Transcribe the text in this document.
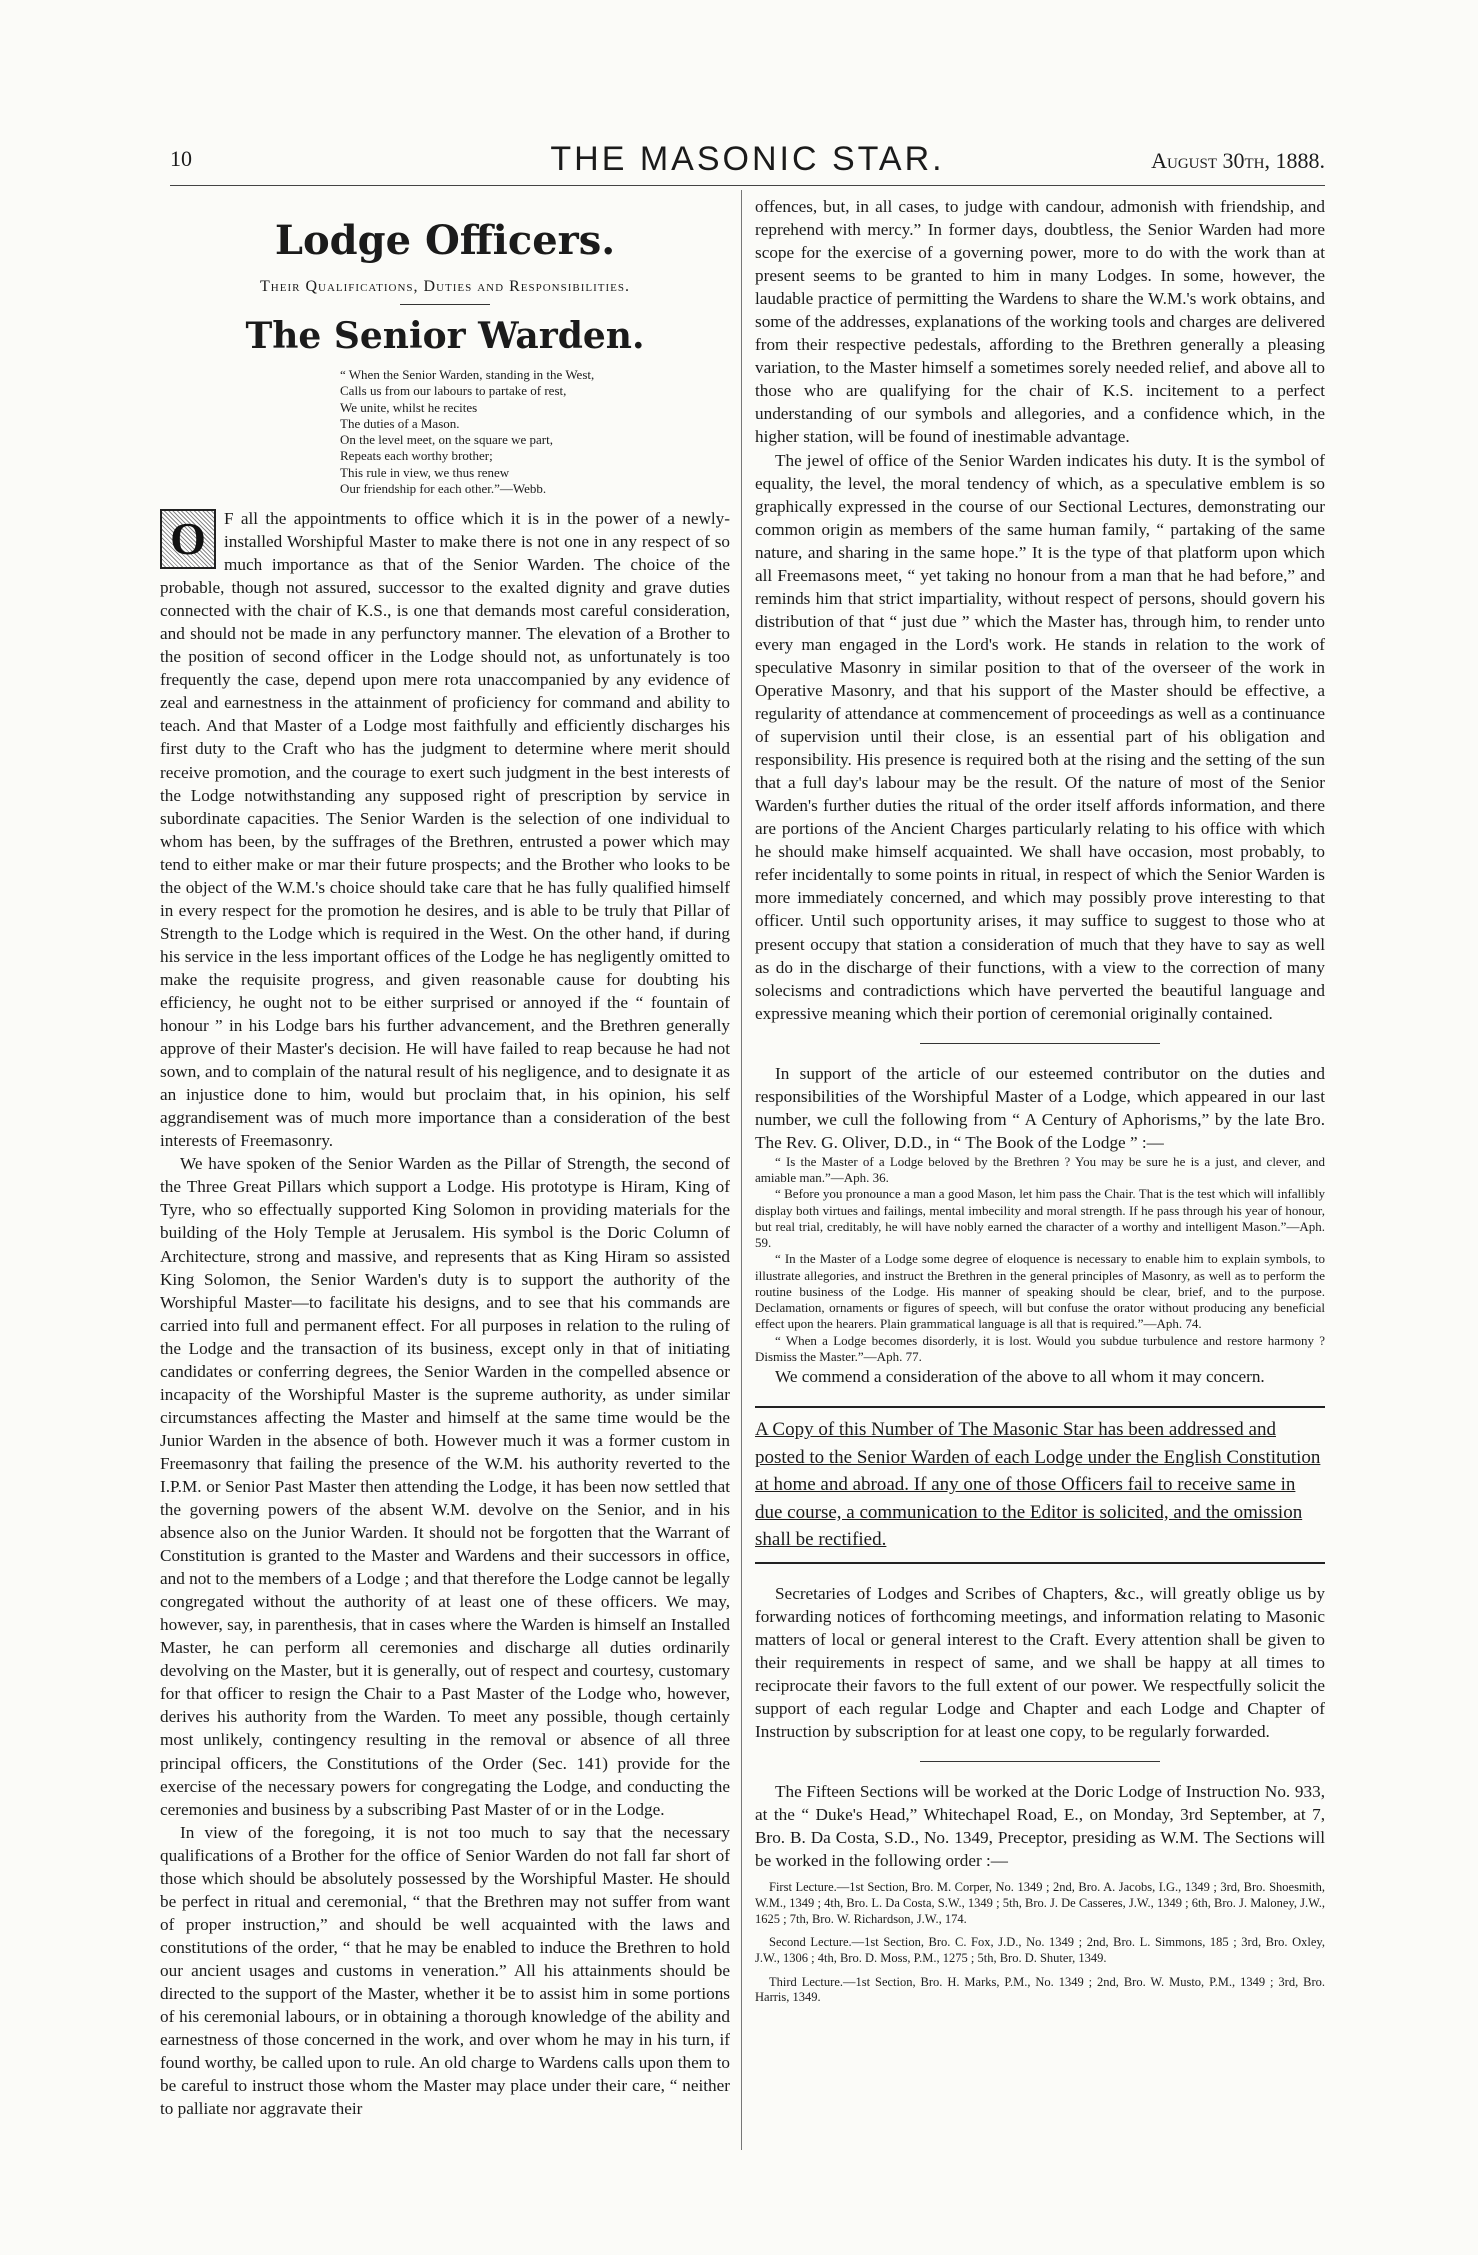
10	THE MASONIC STAR.	August 30th, 1888.
Lodge Officers.
Their Qualifications, Duties and Responsibilities.
The Senior Warden.
“ When the Senior Warden, standing in the West,
Calls us from our labours to partake of rest,
We unite, whilst he recites
The duties of a Mason.
On the level meet, on the square we part,
Repeats each worthy brother;
This rule in view, we thus renew
Our friendship for each other.”—Webb.

O	F all the appointments to office which it is in the power of a newly-installed Worshipful Master to make there is not one in any respect of so much importance as that of the Senior Warden. The choice of the probable, though not assured, successor to the exalted dignity and grave duties connected with the chair of K.S., is one that demands most careful consideration, and should not be made in any perfunctory manner. The elevation of a Brother to the position of second officer in the Lodge should not, as unfortunately is too frequently the case, depend upon mere rota unaccompanied by any evidence of zeal and earnestness in the attainment of proficiency for command and ability to teach. And that Master of a Lodge most faithfully and efficiently discharges his first duty to the Craft who has the judgment to determine where merit should receive promotion, and the courage to exert such judgment in the best interests of the Lodge notwithstanding any supposed right of prescription by service in subordinate capacities. The Senior Warden is the selection of one individual to whom has been, by the suffrages of the Brethren, entrusted a power which may tend to either make or mar their future prospects; and the Brother who looks to be the object of the W.M.'s choice should take care that he has fully qualified himself in every respect for the promotion he desires, and is able to be truly that Pillar of Strength to the Lodge which is required in the West. On the other hand, if during his service in the less important offices of the Lodge he has negligently omitted to make the requisite progress, and given reasonable cause for doubting his efficiency, he ought not to be either surprised or annoyed if the “ fountain of honour ” in his Lodge bars his further advancement, and the Brethren generally approve of their Master's decision. He will have failed to reap because he had not sown, and to complain of the natural result of his negligence, and to designate it as an injustice done to him, would but proclaim that, in his opinion, his self aggrandisement was of much more importance than a consideration of the best interests of Freemasonry.

We have spoken of the Senior Warden as the Pillar of Strength, the second of the Three Great Pillars which support a Lodge. His prototype is Hiram, King of Tyre, who so effectually supported King Solomon in providing materials for the building of the Holy Temple at Jerusalem. His symbol is the Doric Column of Architecture, strong and massive, and represents that as King Hiram so assisted King Solomon, the Senior Warden's duty is to support the authority of the Worshipful Master—to facilitate his designs, and to see that his commands are carried into full and permanent effect. For all purposes in relation to the ruling of the Lodge and the transaction of its business, except only in that of initiating candidates or conferring degrees, the Senior Warden in the compelled absence or incapacity of the Worshipful Master is the supreme authority, as under similar circumstances affecting the Master and himself at the same time would be the Junior Warden in the absence of both. However much it was a former custom in Freemasonry that failing the presence of the W.M. his authority reverted to the I.P.M. or Senior Past Master then attending the Lodge, it has been now settled that the governing powers of the absent W.M. devolve on the Senior, and in his absence also on the Junior Warden. It should not be forgotten that the Warrant of Constitution is granted to the Master and Wardens and their successors in office, and not to the members of a Lodge ; and that therefore the Lodge cannot be legally congregated without the authority of at least one of these officers. We may, however, say, in parenthesis, that in cases where the Warden is himself an Installed Master, he can perform all ceremonies and discharge all duties ordinarily devolving on the Master, but it is generally, out of respect and courtesy, customary for that officer to resign the Chair to a Past Master of the Lodge who, however, derives his authority from the Warden. To meet any possible, though certainly most unlikely, contingency resulting in the removal or absence of all three principal officers, the Constitutions of the Order (Sec. 141) provide for the exercise of the necessary powers for congregating the Lodge, and conducting the ceremonies and business by a subscribing Past Master of or in the Lodge.

In view of the foregoing, it is not too much to say that the necessary qualifications of a Brother for the office of Senior Warden do not fall far short of those which should be absolutely possessed by the Worshipful Master. He should be perfect in ritual and ceremonial, “ that the Brethren may not suffer from want of proper instruction,” and should be well acquainted with the laws and constitutions of the order, “ that he may be enabled to induce the Brethren to hold our ancient usages and customs in veneration.” All his attainments should be directed to the support of the Master, whether it be to assist him in some portions of his ceremonial labours, or in obtaining a thorough knowledge of the ability and earnestness of those concerned in the work, and over whom he may in his turn, if found worthy, be called upon to rule. An old charge to Wardens calls upon them to be careful to instruct those whom the Master may place under their care, “ neither to palliate nor aggravate their

offences, but, in all cases, to judge with candour, admonish with friendship, and reprehend with mercy.” In former days, doubtless, the Senior Warden had more scope for the exercise of a governing power, more to do with the work than at present seems to be granted to him in many Lodges. In some, however, the laudable practice of permitting the Wardens to share the W.M.'s work obtains, and some of the addresses, explanations of the working tools and charges are delivered from their respective pedestals, affording to the Brethren generally a pleasing variation, to the Master himself a sometimes sorely needed relief, and above all to those who are qualifying for the chair of K.S. incitement to a perfect understanding of our symbols and allegories, and a confidence which, in the higher station, will be found of inestimable advantage.

The jewel of office of the Senior Warden indicates his duty. It is the symbol of equality, the level, the moral tendency of which, as a speculative emblem is so graphically expressed in the course of our Sectional Lectures, demonstrating our common origin as members of the same human family, “ partaking of the same nature, and sharing in the same hope.” It is the type of that platform upon which all Freemasons meet, “ yet taking no honour from a man that he had before,” and reminds him that strict impartiality, without respect of persons, should govern his distribution of that “ just due ” which the Master has, through him, to render unto every man engaged in the Lord's work. He stands in relation to the work of speculative Masonry in similar position to that of the overseer of the work in Operative Masonry, and that his support of the Master should be effective, a regularity of attendance at commencement of proceedings as well as a continuance of supervision until their close, is an essential part of his obligation and responsibility. His presence is required both at the rising and the setting of the sun that a full day's labour may be the result. Of the nature of most of the Senior Warden's further duties the ritual of the order itself affords information, and there are portions of the Ancient Charges particularly relating to his office with which he should make himself acquainted. We shall have occasion, most probably, to refer incidentally to some points in ritual, in respect of which the Senior Warden is more immediately concerned, and which may possibly prove interesting to that officer. Until such opportunity arises, it may suffice to suggest to those who at present occupy that station a consideration of much that they have to say as well as do in the discharge of their functions, with a view to the correction of many solecisms and contradictions which have perverted the beautiful language and expressive meaning which their portion of ceremonial originally contained.

In support of the article of our esteemed contributor on the duties and responsibilities of the Worshipful Master of a Lodge, which appeared in our last number, we cull the following from “ A Century of Aphorisms,” by the late Bro. The Rev. G. Oliver, D.D., in “ The Book of the Lodge ” :—

“ Is the Master of a Lodge beloved by the Brethren ? You may be sure he is a just, and clever, and amiable man.”—Aph. 36.

“ Before you pronounce a man a good Mason, let him pass the Chair. That is the test which will infallibly display both virtues and failings, mental imbecility and moral strength. If he pass through his year of honour, but real trial, creditably, he will have nobly earned the character of a worthy and intelligent Mason.”—Aph. 59.

“ In the Master of a Lodge some degree of eloquence is necessary to enable him to explain symbols, to illustrate allegories, and instruct the Brethren in the general principles of Masonry, as well as to perform the routine business of the Lodge. His manner of speaking should be clear, brief, and to the purpose. Declamation, ornaments or figures of speech, will but confuse the orator without producing any beneficial effect upon the hearers. Plain grammatical language is all that is required.”—Aph. 74.

“ When a Lodge becomes disorderly, it is lost. Would you subdue turbulence and restore harmony ? Dismiss the Master.”—Aph. 77.

We commend a consideration of the above to all whom it may concern.

A Copy of this Number of The Masonic Star has been addressed and posted to the Senior Warden of each Lodge under the English Constitution at home and abroad. If any one of those Officers fail to receive same in due course, a communication to the Editor is solicited, and the omission shall be rectified.

Secretaries of Lodges and Scribes of Chapters, &c., will greatly oblige us by forwarding notices of forthcoming meetings, and information relating to Masonic matters of local or general interest to the Craft. Every attention shall be given to their requirements in respect of same, and we shall be happy at all times to reciprocate their favors to the full extent of our power. We respectfully solicit the support of each regular Lodge and Chapter and each Lodge and Chapter of Instruction by subscription for at least one copy, to be regularly forwarded.

The Fifteen Sections will be worked at the Doric Lodge of Instruction No. 933, at the “ Duke's Head,” Whitechapel Road, E., on Monday, 3rd September, at 7, Bro. B. Da Costa, S.D., No. 1349, Preceptor, presiding as W.M. The Sections will be worked in the following order :—

First Lecture.—1st Section, Bro. M. Corper, No. 1349 ; 2nd, Bro. A. Jacobs, I.G., 1349 ; 3rd, Bro. Shoesmith, W.M., 1349 ; 4th, Bro. L. Da Costa, S.W., 1349 ; 5th, Bro. J. De Casseres, J.W., 1349 ; 6th, Bro. J. Maloney, J.W., 1625 ; 7th, Bro. W. Richardson, J.W., 174.

Second Lecture.—1st Section, Bro. C. Fox, J.D., No. 1349 ; 2nd, Bro. L. Simmons, 185 ; 3rd, Bro. Oxley, J.W., 1306 ; 4th, Bro. D. Moss, P.M., 1275 ; 5th, Bro. D. Shuter, 1349.

Third Lecture.—1st Section, Bro. H. Marks, P.M., No. 1349 ; 2nd, Bro. W. Musto, P.M., 1349 ; 3rd, Bro. Harris, 1349.
